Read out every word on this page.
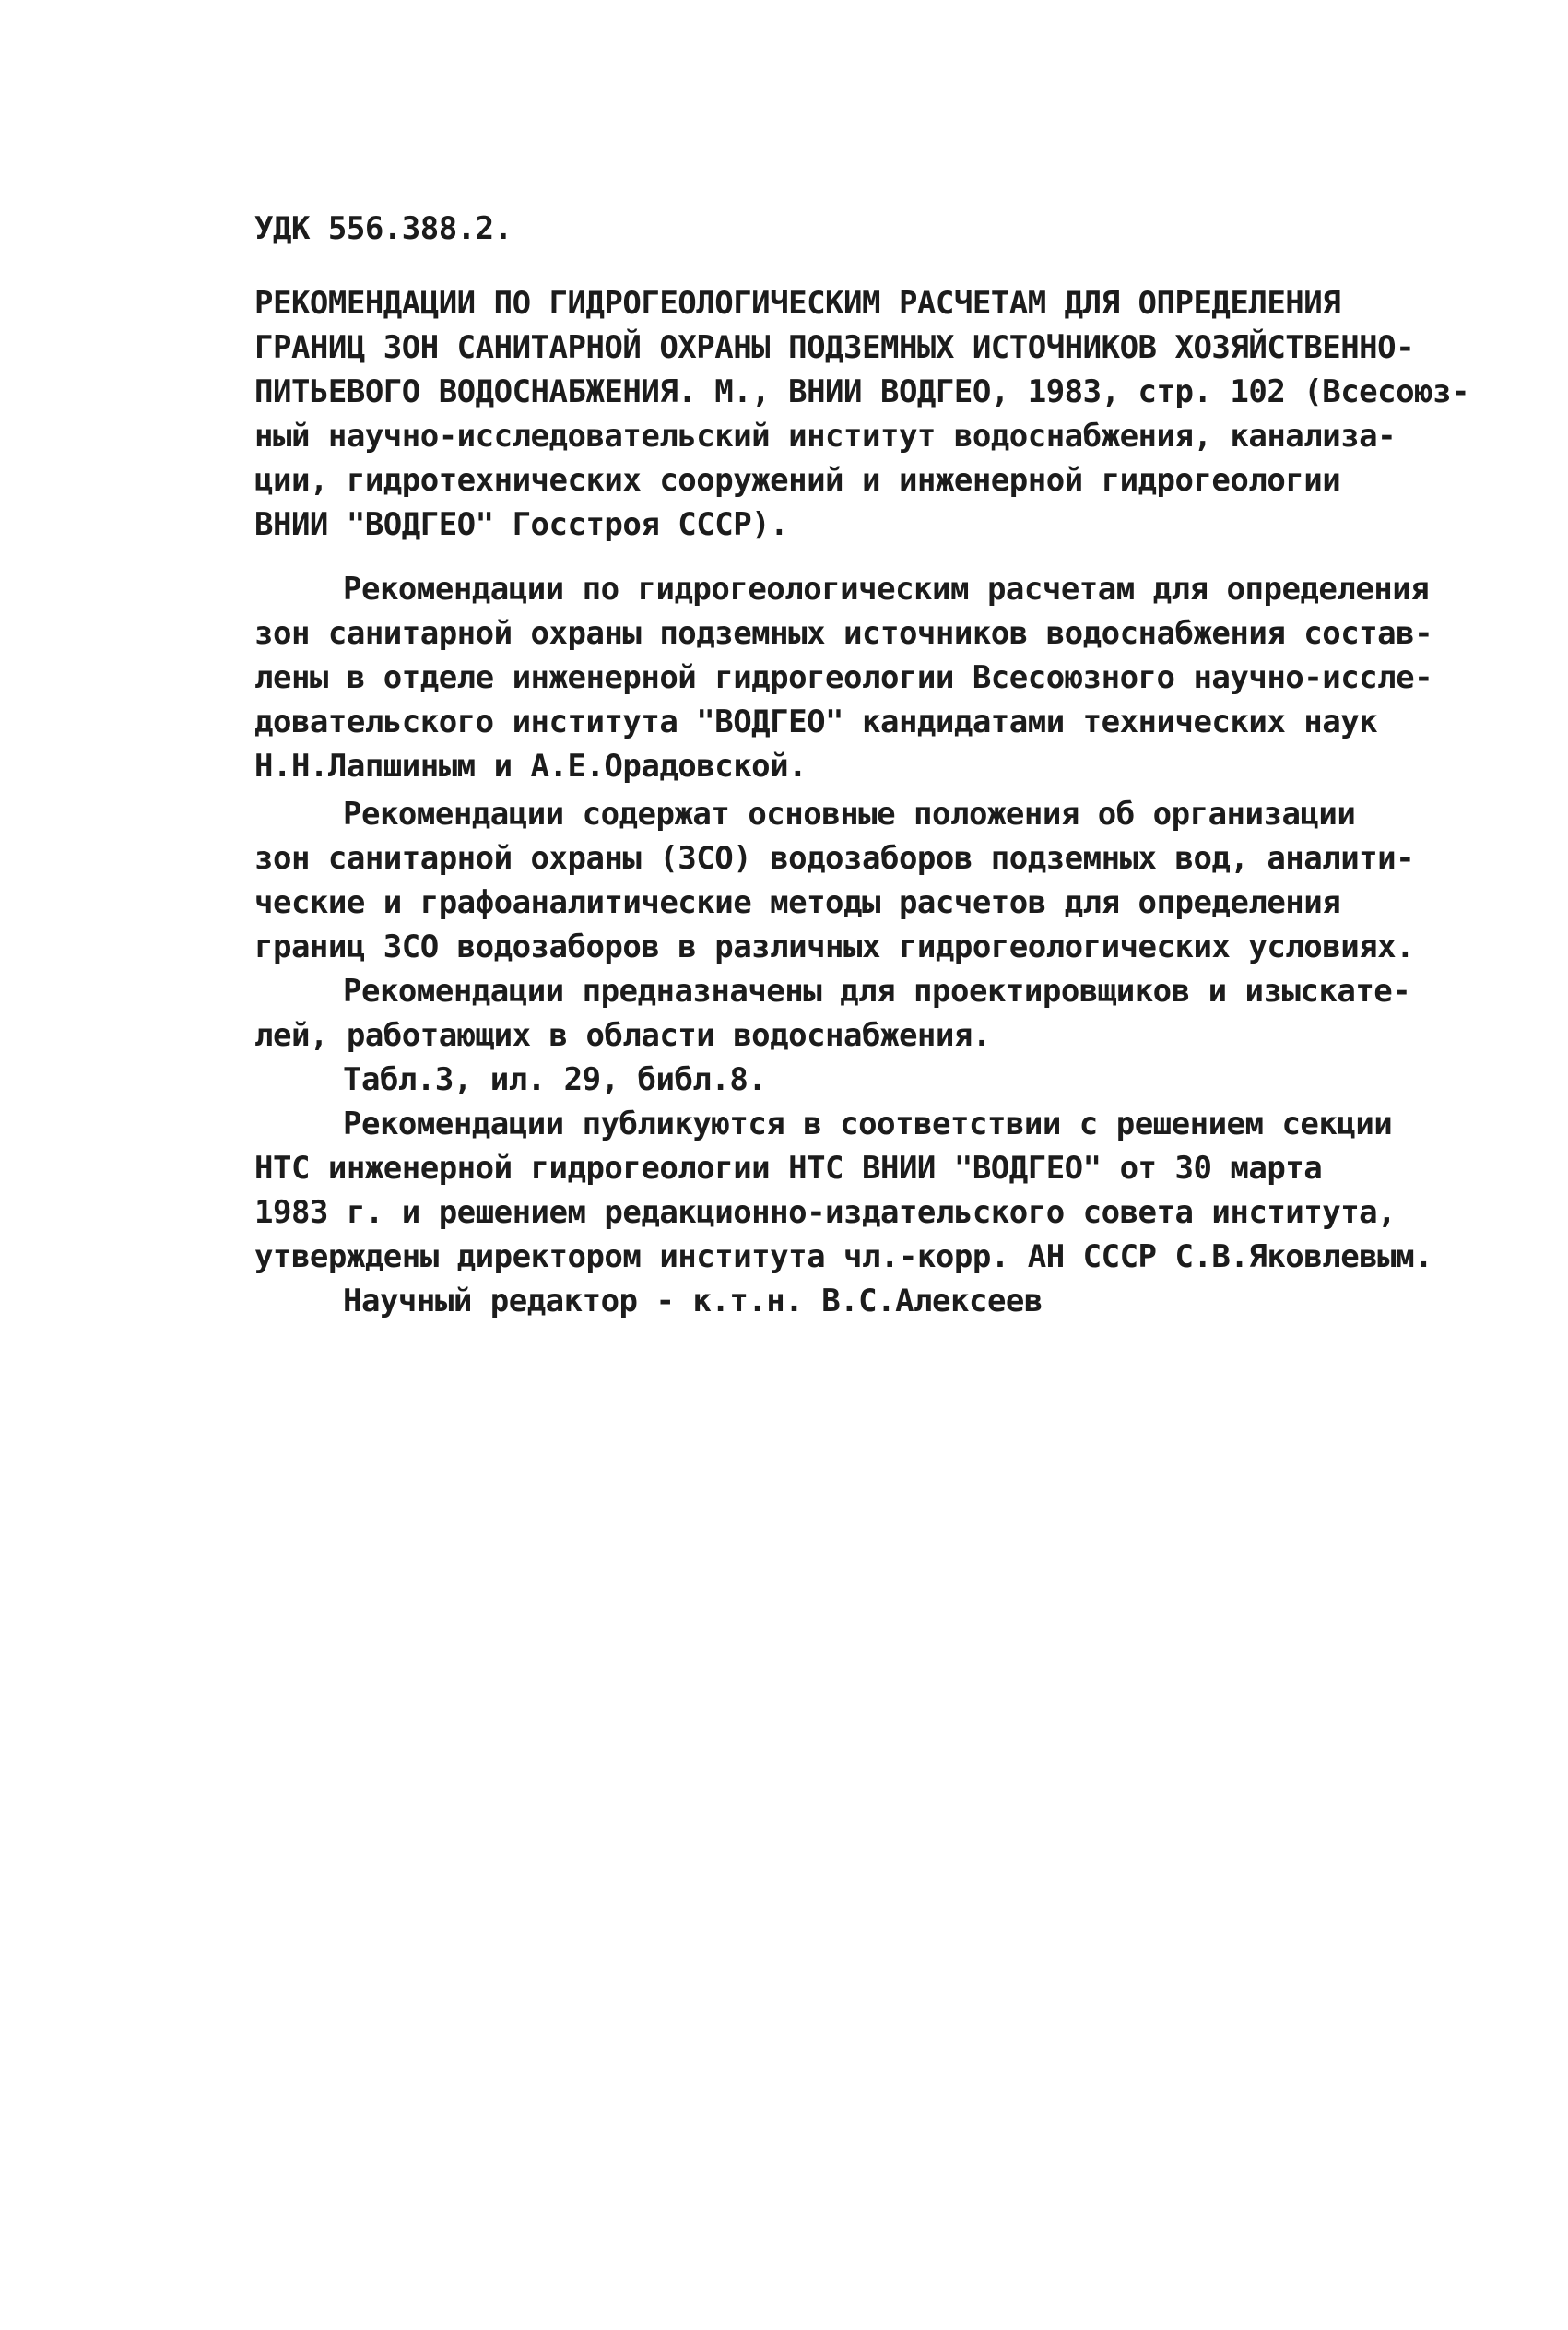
УДК 556.388.2.
РЕКОМЕНДАЦИИ ПО ГИДРОГЕОЛОГИЧЕСКИМ РАСЧЕТАМ ДЛЯ ОПРЕДЕЛЕНИЯ
ГРАНИЦ ЗОН САНИТАРНОЙ ОХРАНЫ ПОДЗЕМНЫХ ИСТОЧНИКОВ ХОЗЯЙСТВЕННО-
ПИТЬЕВОГО ВОДОСНАБЖЕНИЯ. М., ВНИИ ВОДГЕО, 1983, стр. 102 (Всесоюз-
ный научно-исследовательский институт водоснабжения, канализа-
ции, гидротехнических сооружений и инженерной гидрогеологии
ВНИИ "ВОДГЕО" Госстроя СССР).
Рекомендации по гидрогеологическим расчетам для определения
зон санитарной охраны подземных источников водоснабжения состав-
лены в отделе инженерной гидрогеологии Всесоюзного научно-иссле-
довательского института "ВОДГЕО" кандидатами технических наук
Н.Н.Лапшиным и А.Е.Орадовской.
Рекомендации содержат основные положения об организации
зон санитарной охраны (ЗСО) водозаборов подземных вод, аналити-
ческие и графоаналитические методы расчетов для определения
границ ЗСО водозаборов в различных гидрогеологических условиях.
Рекомендации предназначены для проектировщиков и изыскате-
лей, работающих в области водоснабжения.
Табл.3, ил. 29, библ.8.
Рекомендации публикуются в соответствии с решением секции
НТС инженерной гидрогеологии НТС ВНИИ "ВОДГЕО" от 30 марта
1983 г. и решением редакционно-издательского совета института,
утверждены директором института чл.-корр. АН СССР С.В.Яковлевым.
Научный редактор - к.т.н. В.С.Алексеев
